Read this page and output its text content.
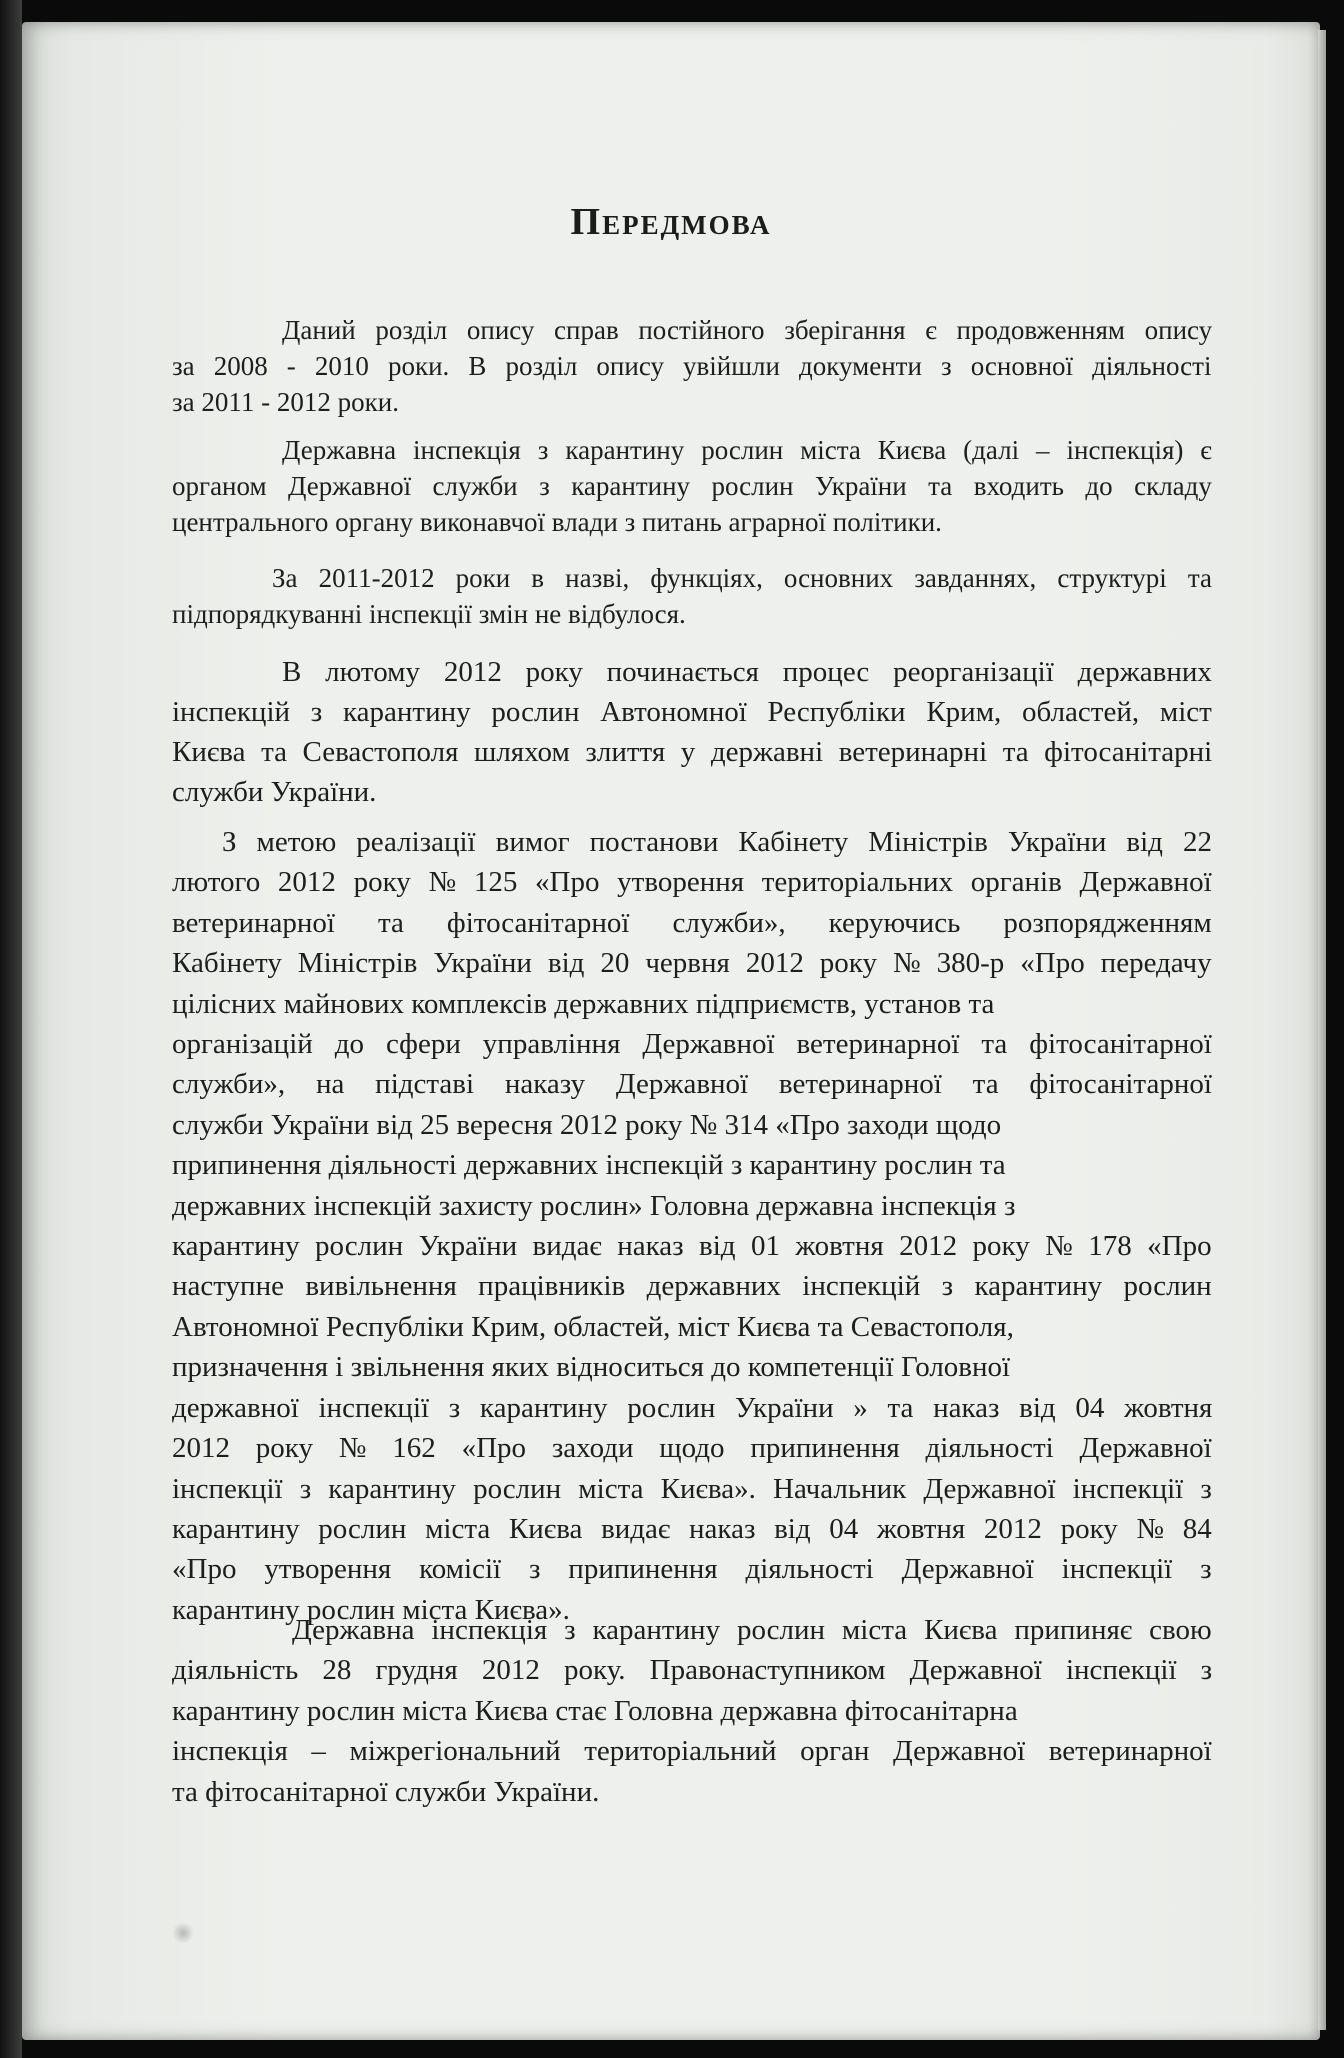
Передмова

Даний розділ опису справ постійного зберігання є продовженням опису
за 2008 - 2010 роки. В розділ опису увійшли документи з основної діяльності
за 2011 - 2012 роки.

Державна інспекція з карантину рослин міста Києва (далі – інспекція) є
органом Державної служби з карантину рослин України та входить до складу
центрального органу виконавчої влади з питань аграрної політики.

За 2011-2012 роки в назві, функціях, основних завданнях, структурі та
підпорядкуванні інспекції змін не відбулося.

В лютому 2012 року починається процес реорганізації державних
інспекцій з карантину рослин Автономної Республіки Крим, областей, міст
Києва та Севастополя шляхом злиття у державні ветеринарні та фітосанітарні
служби України.

З метою реалізації вимог постанови Кабінету Міністрів України від 22
лютого 2012 року № 125 «Про утворення територіальних органів Державної
ветеринарної та фітосанітарної служби», керуючись розпорядженням
Кабінету Міністрів України від 20 червня 2012 року № 380-р «Про передачу
цілісних майнових комплексів державних підприємств, установ та
організацій до сфери управління Державної ветеринарної та фітосанітарної
служби», на підставі наказу Державної ветеринарної та фітосанітарної
служби України від 25 вересня 2012 року № 314 «Про заходи щодо
припинення діяльності державних інспекцій з карантину рослин та
державних інспекцій захисту рослин» Головна державна інспекція з
карантину рослин України видає наказ від 01 жовтня 2012 року № 178 «Про
наступне вивільнення працівників державних інспекцій з карантину рослин
Автономної Республіки Крим, областей, міст Києва та Севастополя,
призначення і звільнення яких відноситься до компетенції Головної
державної інспекції з карантину рослин України » та наказ від 04 жовтня
2012 року № 162 «Про заходи щодо припинення діяльності Державної
інспекції з карантину рослин міста Києва». Начальник Державної інспекції з
карантину рослин міста Києва видає наказ від 04 жовтня 2012 року № 84
«Про утворення комісії з припинення діяльності Державної інспекції з
карантину рослин міста Києва».

Державна інспекція з карантину рослин міста Києва припиняє свою
діяльність 28 грудня 2012 року. Правонаступником Державної інспекції з
карантину рослин міста Києва стає Головна державна фітосанітарна
інспекція – міжрегіональний територіальний орган Державної ветеринарної
та фітосанітарної служби України.
